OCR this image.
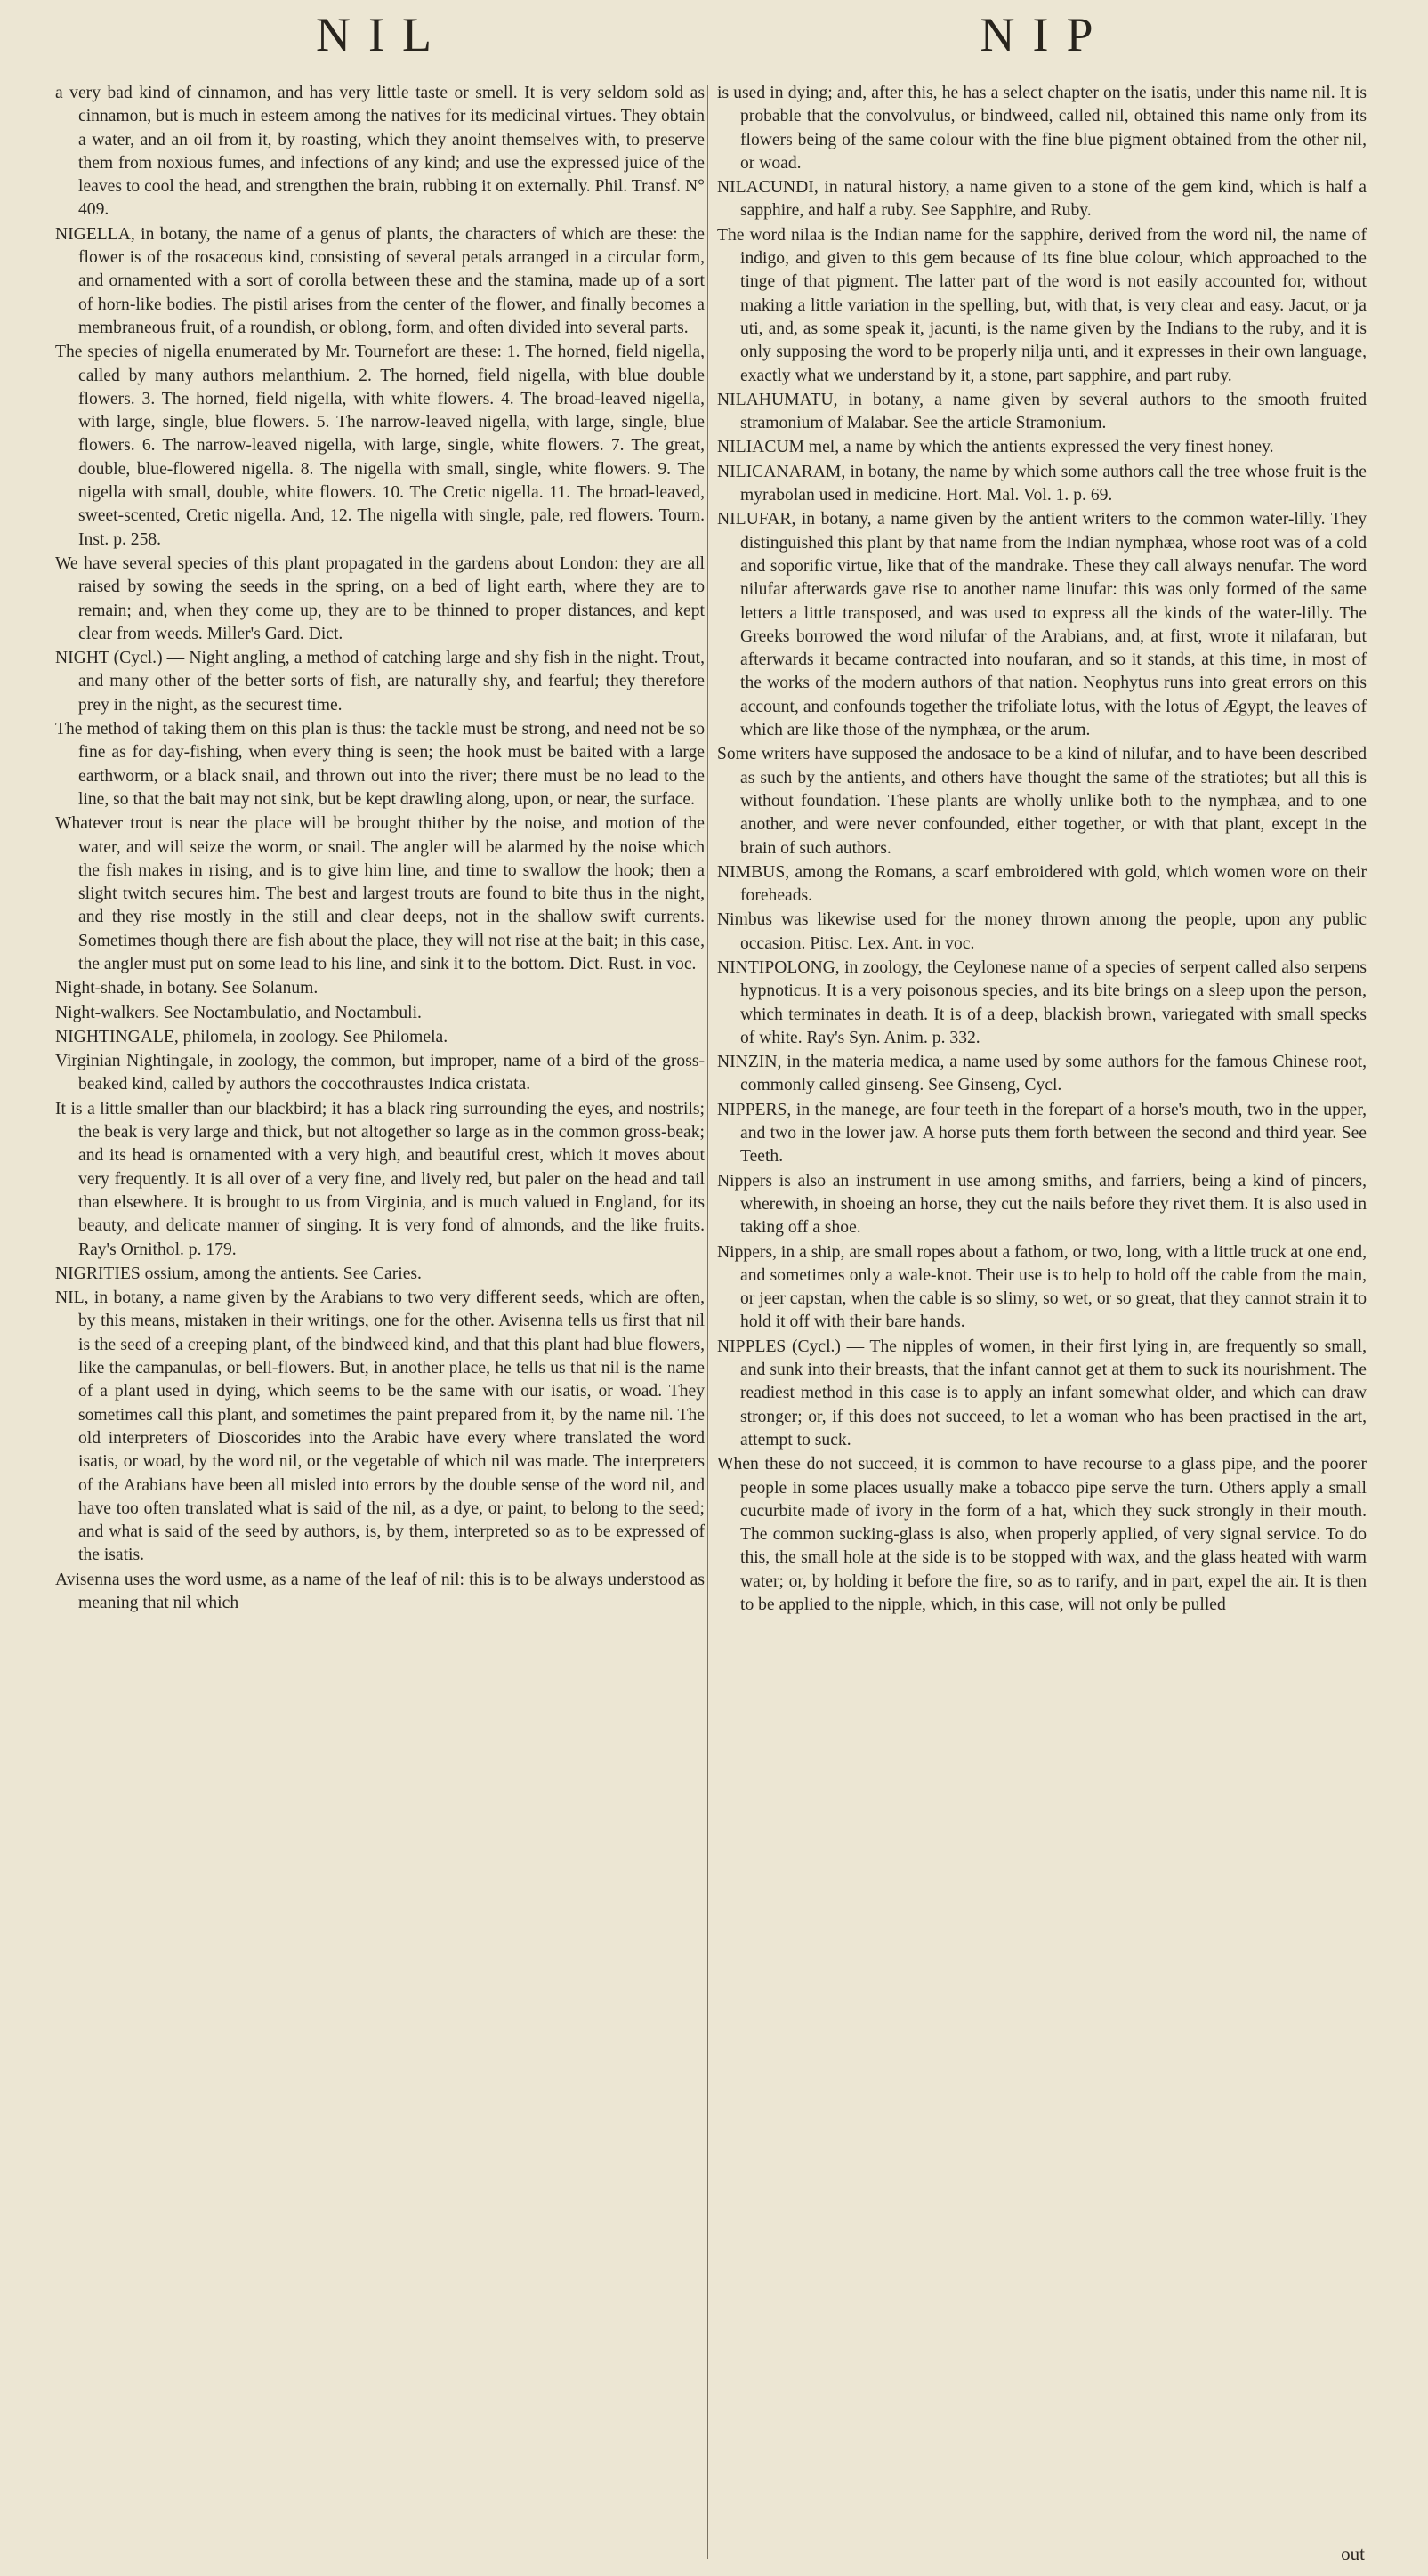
NIL	NIP

a very bad kind of cinnamon, and has very little taste or smell. It is very seldom sold as cinnamon, but is much in esteem among the natives for its medicinal virtues. They obtain a water, and an oil from it, by roasting, which they anoint themselves with, to preserve them from noxious fumes, and infections of any kind; and use the expressed juice of the leaves to cool the head, and strengthen the brain, rubbing it on externally. Phil. Transf. N° 409.

NIGELLA, in botany, the name of a genus of plants, the characters of which are these: the flower is of the rosaceous kind, consisting of several petals arranged in a circular form, and ornamented with a sort of corolla between these and the stamina, made up of a sort of horn-like bodies. The pistil arises from the center of the flower, and finally becomes a membraneous fruit, of a roundish, or oblong, form, and often divided into several parts.

The species of nigella enumerated by Mr. Tournefort are these: 1. The horned, field nigella, called by many authors melanthium. 2. The horned, field nigella, with blue double flowers. 3. The horned, field nigella, with white flowers. 4. The broad-leaved nigella, with large, single, blue flowers. 5. The narrow-leaved nigella, with large, single, blue flowers. 6. The narrow-leaved nigella, with large, single, white flowers. 7. The great, double, blue-flowered nigella. 8. The nigella with small, single, white flowers. 9. The nigella with small, double, white flowers. 10. The Cretic nigella. 11. The broad-leaved, sweet-scented, Cretic nigella. And, 12. The nigella with single, pale, red flowers. Tourn. Inst. p. 258.

We have several species of this plant propagated in the gardens about London: they are all raised by sowing the seeds in the spring, on a bed of light earth, where they are to remain; and, when they come up, they are to be thinned to proper distances, and kept clear from weeds. Miller's Gard. Dict.

NIGHT (Cycl.) — Night angling, a method of catching large and shy fish in the night. Trout, and many other of the better sorts of fish, are naturally shy, and fearful; they therefore prey in the night, as the securest time.

The method of taking them on this plan is thus: the tackle must be strong, and need not be so fine as for day-fishing, when every thing is seen; the hook must be baited with a large earthworm, or a black snail, and thrown out into the river; there must be no lead to the line, so that the bait may not sink, but be kept drawling along, upon, or near, the surface.

Whatever trout is near the place will be brought thither by the noise, and motion of the water, and will seize the worm, or snail. The angler will be alarmed by the noise which the fish makes in rising, and is to give him line, and time to swallow the hook; then a slight twitch secures him. The best and largest trouts are found to bite thus in the night, and they rise mostly in the still and clear deeps, not in the shallow swift currents. Sometimes though there are fish about the place, they will not rise at the bait; in this case, the angler must put on some lead to his line, and sink it to the bottom. Dict. Rust. in voc.

Night-shade, in botany. See Solanum.

Night-walkers. See Noctambulatio, and Noctambuli.

NIGHTINGALE, philomela, in zoology. See Philomela.

Virginian Nightingale, in zoology, the common, but improper, name of a bird of the gross-beaked kind, called by authors the coccothraustes Indica cristata.

It is a little smaller than our blackbird; it has a black ring surrounding the eyes, and nostrils; the beak is very large and thick, but not altogether so large as in the common gross-beak; and its head is ornamented with a very high, and beautiful crest, which it moves about very frequently. It is all over of a very fine, and lively red, but paler on the head and tail than elsewhere. It is brought to us from Virginia, and is much valued in England, for its beauty, and delicate manner of singing. It is very fond of almonds, and the like fruits. Ray's Ornithol. p. 179.

NIGRITIES ossium, among the antients. See Caries.

NIL, in botany, a name given by the Arabians to two very different seeds, which are often, by this means, mistaken in their writings, one for the other. Avisenna tells us first that nil is the seed of a creeping plant, of the bindweed kind, and that this plant had blue flowers, like the campanulas, or bell-flowers. But, in another place, he tells us that nil is the name of a plant used in dying, which seems to be the same with our isatis, or woad. They sometimes call this plant, and sometimes the paint prepared from it, by the name nil. The old interpreters of Dioscorides into the Arabic have every where translated the word isatis, or woad, by the word nil, or the vegetable of which nil was made. The interpreters of the Arabians have been all misled into errors by the double sense of the word nil, and have too often translated what is said of the nil, as a dye, or paint, to belong to the seed; and what is said of the seed by authors, is, by them, interpreted so as to be expressed of the isatis.

Avisenna uses the word usme, as a name of the leaf of nil: this is to be always understood as meaning that nil which

is used in dying; and, after this, he has a select chapter on the isatis, under this name nil. It is probable that the convolvulus, or bindweed, called nil, obtained this name only from its flowers being of the same colour with the fine blue pigment obtained from the other nil, or woad.

NILACUNDI, in natural history, a name given to a stone of the gem kind, which is half a sapphire, and half a ruby. See Sapphire, and Ruby.

The word nilaa is the Indian name for the sapphire, derived from the word nil, the name of indigo, and given to this gem because of its fine blue colour, which approached to the tinge of that pigment. The latter part of the word is not easily accounted for, without making a little variation in the spelling, but, with that, is very clear and easy. Jacut, or ja uti, and, as some speak it, jacunti, is the name given by the Indians to the ruby, and it is only supposing the word to be properly nilja unti, and it expresses in their own language, exactly what we understand by it, a stone, part sapphire, and part ruby.

NILAHUMATU, in botany, a name given by several authors to the smooth fruited stramonium of Malabar. See the article Stramonium.

NILIACUM mel, a name by which the antients expressed the very finest honey.

NILICANARAM, in botany, the name by which some authors call the tree whose fruit is the myrabolan used in medicine. Hort. Mal. Vol. 1. p. 69.

NILUFAR, in botany, a name given by the antient writers to the common water-lilly. They distinguished this plant by that name from the Indian nymphæa, whose root was of a cold and soporific virtue, like that of the mandrake. These they call always nenufar. The word nilufar afterwards gave rise to another name linufar: this was only formed of the same letters a little transposed, and was used to express all the kinds of the water-lilly. The Greeks borrowed the word nilufar of the Arabians, and, at first, wrote it nilafaran, but afterwards it became contracted into noufaran, and so it stands, at this time, in most of the works of the modern authors of that nation. Neophytus runs into great errors on this account, and confounds together the trifoliate lotus, with the lotus of Ægypt, the leaves of which are like those of the nymphæa, or the arum.

Some writers have supposed the andosace to be a kind of nilufar, and to have been described as such by the antients, and others have thought the same of the stratiotes; but all this is without foundation. These plants are wholly unlike both to the nymphæa, and to one another, and were never confounded, either together, or with that plant, except in the brain of such authors.

NIMBUS, among the Romans, a scarf embroidered with gold, which women wore on their foreheads.

Nimbus was likewise used for the money thrown among the people, upon any public occasion. Pitisc. Lex. Ant. in voc.

NINTIPOLONG, in zoology, the Ceylonese name of a species of serpent called also serpens hypnoticus. It is a very poisonous species, and its bite brings on a sleep upon the person, which terminates in death. It is of a deep, blackish brown, variegated with small specks of white. Ray's Syn. Anim. p. 332.

NINZIN, in the materia medica, a name used by some authors for the famous Chinese root, commonly called ginseng. See Ginseng, Cycl.

NIPPERS, in the manege, are four teeth in the forepart of a horse's mouth, two in the upper, and two in the lower jaw. A horse puts them forth between the second and third year. See Teeth.

Nippers is also an instrument in use among smiths, and farriers, being a kind of pincers, wherewith, in shoeing an horse, they cut the nails before they rivet them. It is also used in taking off a shoe.

Nippers, in a ship, are small ropes about a fathom, or two, long, with a little truck at one end, and sometimes only a wale-knot. Their use is to help to hold off the cable from the main, or jeer capstan, when the cable is so slimy, so wet, or so great, that they cannot strain it to hold it off with their bare hands.

NIPPLES (Cycl.) — The nipples of women, in their first lying in, are frequently so small, and sunk into their breasts, that the infant cannot get at them to suck its nourishment. The readiest method in this case is to apply an infant somewhat older, and which can draw stronger; or, if this does not succeed, to let a woman who has been practised in the art, attempt to suck.

When these do not succeed, it is common to have recourse to a glass pipe, and the poorer people in some places usually make a tobacco pipe serve the turn. Others apply a small cucurbite made of ivory in the form of a hat, which they suck strongly in their mouth. The common sucking-glass is also, when properly applied, of very signal service. To do this, the small hole at the side is to be stopped with wax, and the glass heated with warm water; or, by holding it before the fire, so as to rarify, and in part, expel the air. It is then to be applied to the nipple, which, in this case, will not only be pulled

out
